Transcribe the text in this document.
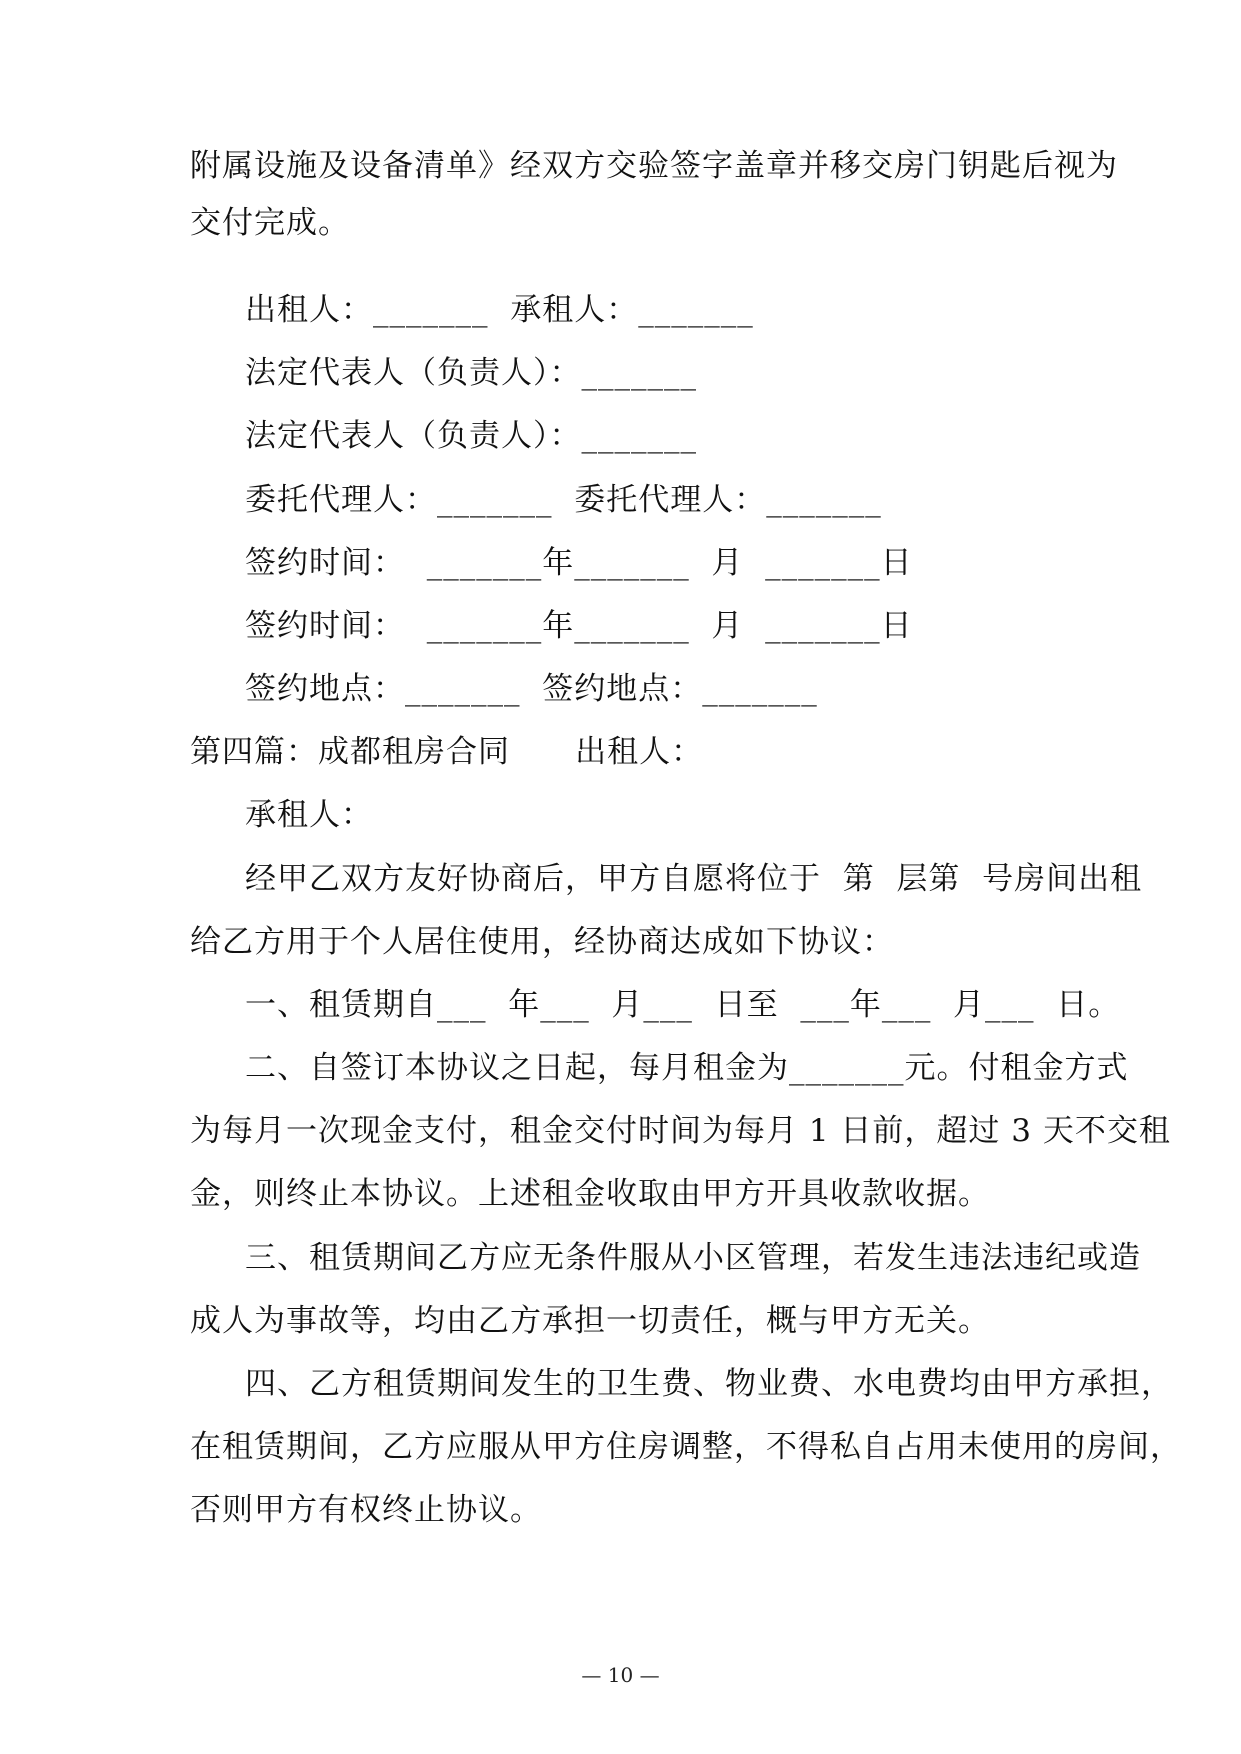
附属设施及设备清单》经双方交验签字盖章并移交房门钥匙后视为
交付完成。
出租人：_______  承租人：_______
法定代表人（负责人）：_______
法定代表人（负责人）：_______
委托代理人：_______  委托代理人：_______
签约时间：  _______年_______  月  _______日
签约时间：  _______年_______  月  _______日
签约地点：_______  签约地点：_______
第四篇：成都租房合同      出租人：
承租人：
经甲乙双方友好协商后，甲方自愿将位于  第  层第  号房间出租
给乙方用于个人居住使用，经协商达成如下协议：
一、租赁期自___  年___  月___  日至  ___年___  月___  日。
二、自签订本协议之日起，每月租金为_______元。付租金方式
为每月一次现金支付，租金交付时间为每月 1 日前，超过 3 天不交租
金，则终止本协议。上述租金收取由甲方开具收款收据。
三、租赁期间乙方应无条件服从小区管理，若发生违法违纪或造
成人为事故等，均由乙方承担一切责任，概与甲方无关。
四、乙方租赁期间发生的卫生费、物业费、水电费均由甲方承担，
在租赁期间，乙方应服从甲方住房调整，不得私自占用未使用的房间，
否则甲方有权终止协议。
— 10 —
